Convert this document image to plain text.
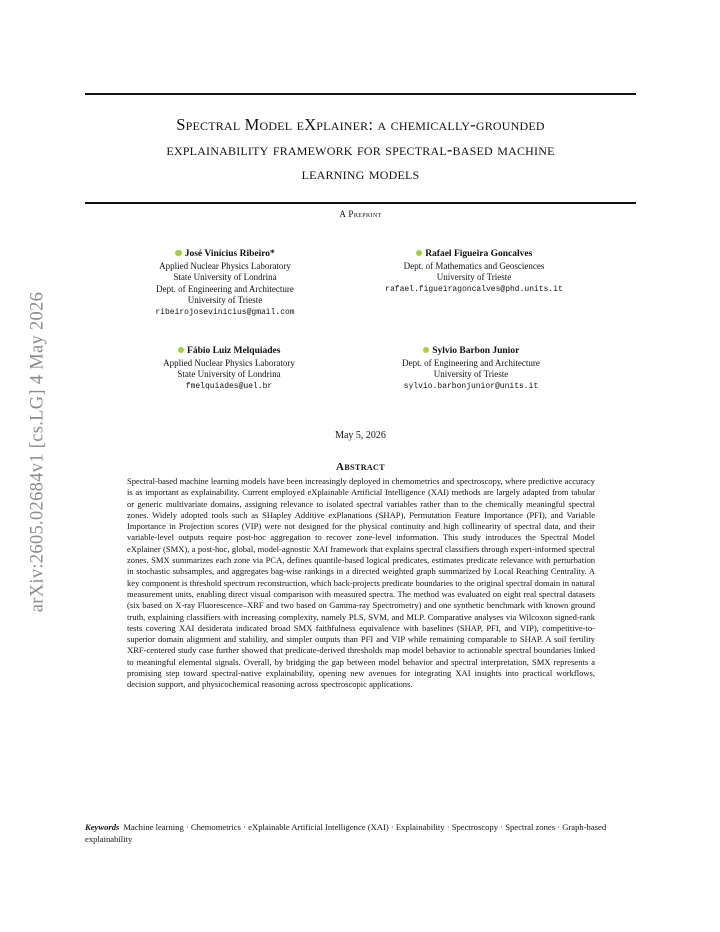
arXiv:2605.02684v1 [cs.LG] 4 May 2026
Spectral Model eXplainer: a chemically-grounded
explainability framework for spectral-based machine
learning models
A Preprint
José Vinícius Ribeiro*
Applied Nuclear Physics Laboratory
State University of Londrina
Dept. of Engineering and Architecture
University of Trieste
ribeirojosevinicius@gmail.com
Rafael Figueira Goncalves
Dept. of Mathematics and Geosciences
University of Trieste
rafael.figueiragoncalves@phd.units.it
Fábio Luiz Melquiades
Applied Nuclear Physics Laboratory
State University of Londrina
fmelquiades@uel.br
Sylvio Barbon Junior
Dept. of Engineering and Architecture
University of Trieste
sylvio.barbonjunior@units.it
May 5, 2026
Abstract
Spectral-based machine learning models have been increasingly deployed in chemometrics and spectroscopy, where predictive accuracy is as important as explainability. Current employed eXplainable Artificial Intelligence (XAI) methods are largely adapted from tabular or generic multivariate domains, assigning relevance to isolated spectral variables rather than to the chemically meaningful spectral zones. Widely adopted tools such as SHapley Additive exPlanations (SHAP), Permutation Feature Importance (PFI), and Variable Importance in Projection scores (VIP) were not designed for the physical continuity and high collinearity of spectral data, and their variable-level outputs require post-hoc aggregation to recover zone-level information. This study introduces the Spectral Model eXplainer (SMX), a post-hoc, global, model-agnostic XAI framework that explains spectral classifiers through expert-informed spectral zones. SMX summarizes each zone via PCA, defines quantile-based logical predicates, estimates predicate relevance with perturbation in stochastic subsamples, and aggregates bag-wise rankings in a directed weighted graph summarized by Local Reaching Centrality. A key component is threshold spectrum reconstruction, which back-projects predicate boundaries to the original spectral domain in natural measurement units, enabling direct visual comparison with measured spectra. The method was evaluated on eight real spectral datasets (six based on X-ray Fluorescence–XRF and two based on Gamma-ray Spectrometry) and one synthetic benchmark with known ground truth, explaining classifiers with increasing complexity, namely PLS, SVM, and MLP. Comparative analyses via Wilcoxon signed-rank tests covering XAI desiderata indicated broad SMX faithfulness equivalence with baselines (SHAP, PFI, and VIP), competitive-to-superior domain alignment and stability, and simpler outputs than PFI and VIP while remaining comparable to SHAP. A soil fertility XRF-centered study case further showed that predicate-derived thresholds map model behavior to actionable spectral boundaries linked to meaningful elemental signals. Overall, by bridging the gap between model behavior and spectral interpretation, SMX represents a promising step toward spectral-native explainability, opening new avenues for integrating XAI insights into practical workflows, decision support, and physicochemical reasoning across spectroscopic applications.
Keywords Machine learning · Chemometrics · eXplainable Artificial Intelligence (XAI) · Explainability · Spectroscopy · Spectral zones · Graph-based explainability
